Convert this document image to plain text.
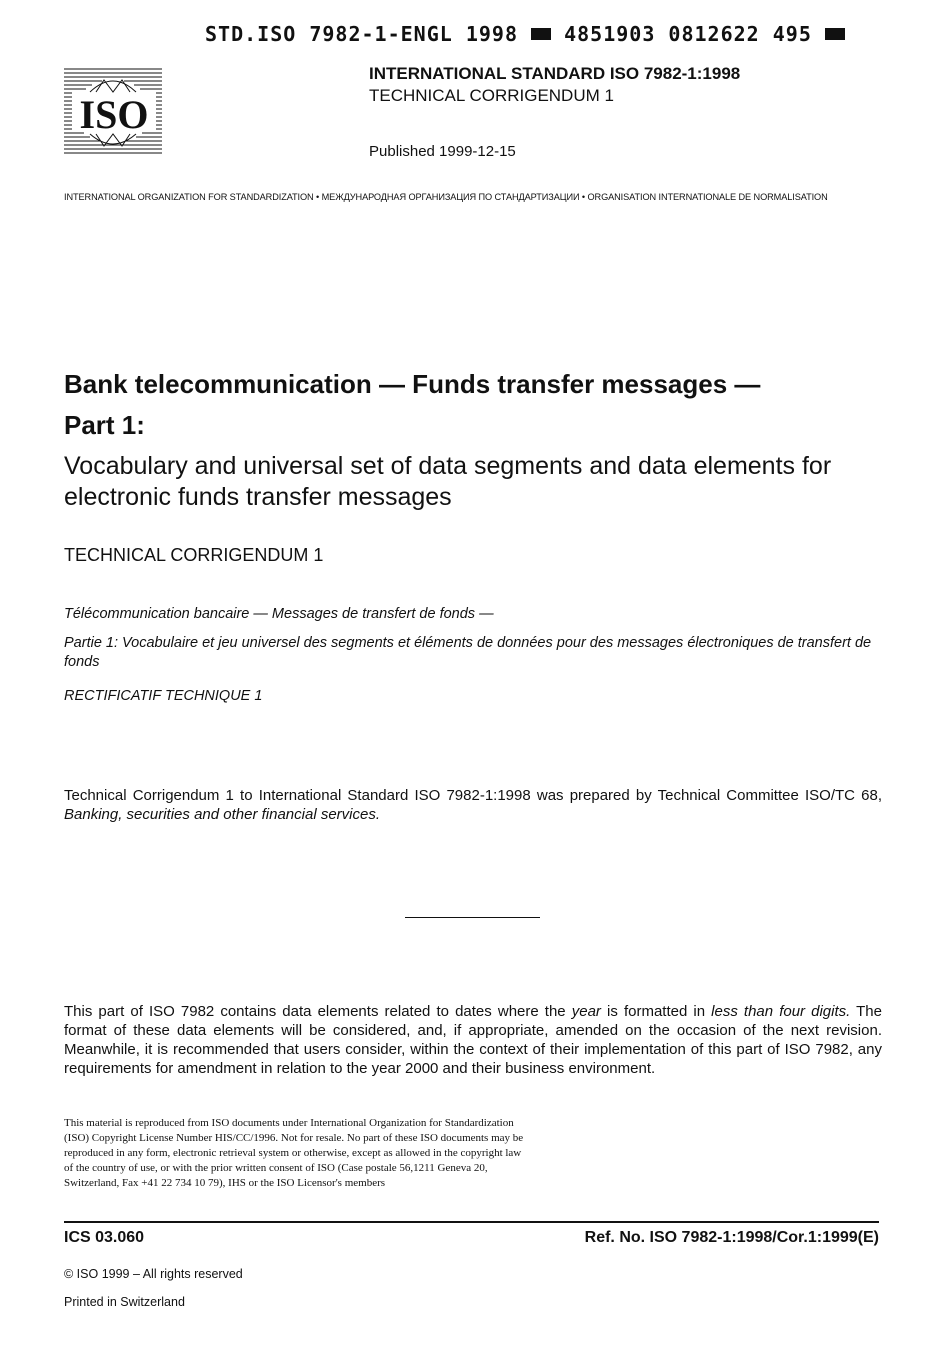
STD.ISO 7982-1-ENGL 1998 4851903 0812622 495
ISO
INTERNATIONAL STANDARD ISO 7982-1:1998
TECHNICAL CORRIGENDUM 1
Published 1999-12-15
INTERNATIONAL ORGANIZATION FOR STANDARDIZATION • МЕЖДУНАРОДНАЯ ОРГАНИЗАЦИЯ ПО СТАНДАРТИЗАЦИИ • ORGANISATION INTERNATIONALE DE NORMALISATION
Bank telecommunication — Funds transfer messages —
Part 1:
Vocabulary and universal set of data segments and data elements for electronic funds transfer messages
TECHNICAL CORRIGENDUM 1
Télécommunication bancaire — Messages de transfert de fonds —
Partie 1: Vocabulaire et jeu universel des segments et éléments de données pour des messages électroniques de transfert de fonds
RECTIFICATIF TECHNIQUE 1
Technical Corrigendum 1 to International Standard ISO 7982-1:1998 was prepared by Technical Committee ISO/TC 68, Banking, securities and other financial services.
This part of ISO 7982 contains data elements related to dates where the year is formatted in less than four digits. The format of these data elements will be considered, and, if appropriate, amended on the occasion of the next revision. Meanwhile, it is recommended that users consider, within the context of their implementation of this part of ISO 7982, any requirements for amendment in relation to the year 2000 and their business environment.
This material is reproduced from ISO documents under International Organization for Standardization (ISO) Copyright License Number HIS/CC/1996. Not for resale. No part of these ISO documents may be reproduced in any form, electronic retrieval system or otherwise, except as allowed in the copyright law of the country of use, or with the prior written consent of ISO (Case postale 56,1211 Geneva 20, Switzerland, Fax +41 22 734 10 79), IHS or the ISO Licensor's members
ICS 03.060	Ref. No. ISO 7982-1:1998/Cor.1:1999(E)
© ISO 1999 – All rights reserved
Printed in Switzerland
